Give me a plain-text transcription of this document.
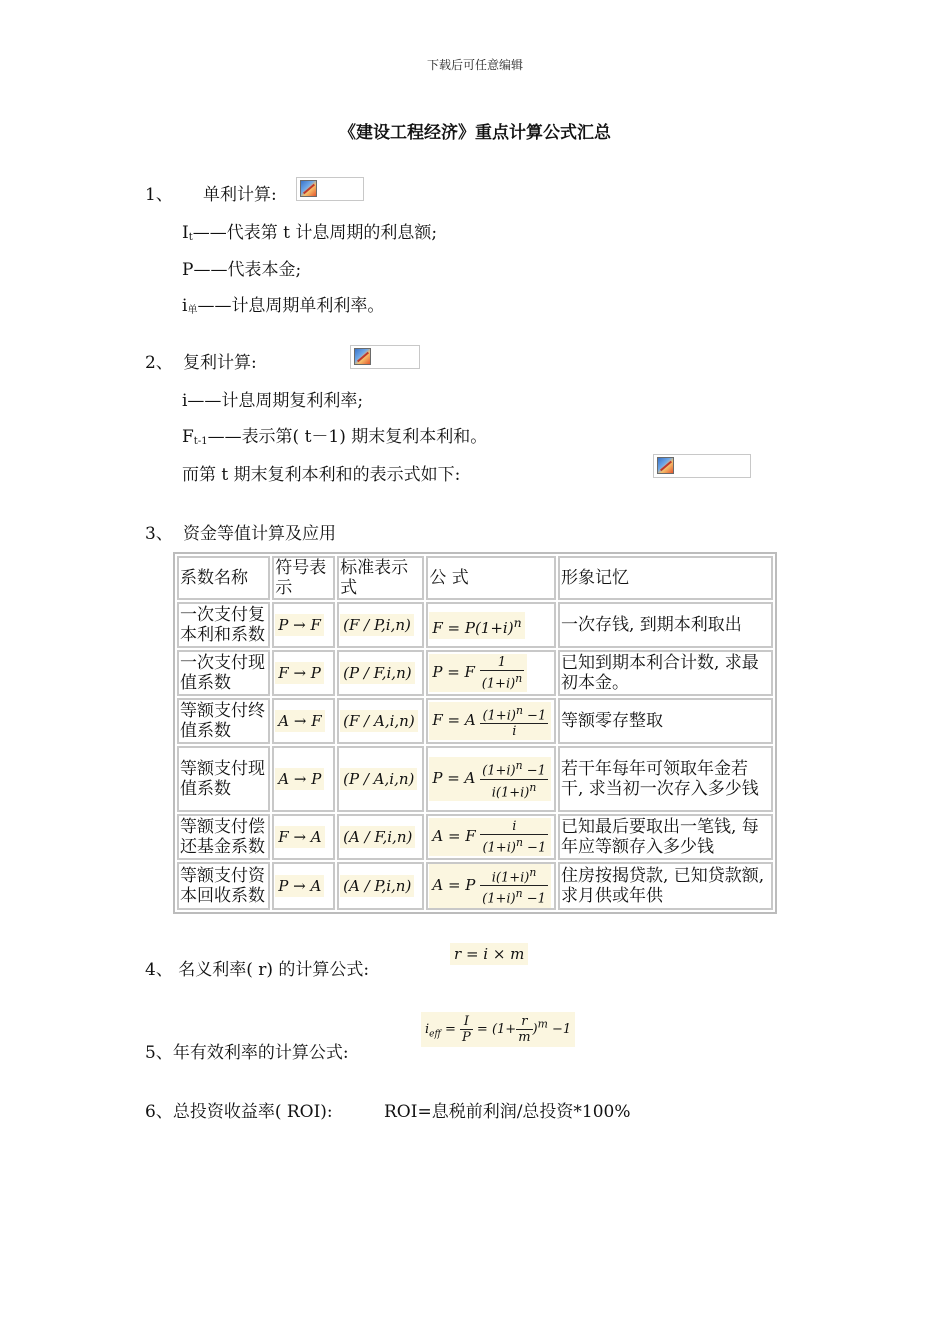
下载后可任意编辑
《建设工程经济》重点计算公式汇总
1、 单利计算:

$I_t——$代表第 t 计息周期的利息额;
P——代表本金;
$i_单——$计息周期单利利率。
2、 复利计算:

i——计息周期复利利率;
$F_{t-1}——$表示第( t－1) 期末复利本利和。
而第 t 期末复利本利和的表示式如下:
3、 资金等值计算及应用
系数名称	符号表示	标准表示式	公 式	形象记忆
一次支付复本利和系数	P → F	(F / P,i,n)	$F = P(1+i)^n$	一次存钱, 到期本利取出
一次支付现值系数	F → P	(P / F,i,n)	P = F $\frac{1}{(1+i)^n}$	已知到期本利合计数, 求最初本金。
等额支付终值系数	A → F	(F / A,i,n)	F = A $\frac{(1+i)^n -1}{i}$	等额零存整取
等额支付现值系数	A → P	(P / A,i,n)	P = A $\frac{(1+i)^n -1}{i(1+i)^n}$	若干年每年可领取年金若干, 求当初一次存入多少钱
等额支付偿还基金系数	F → A	(A / F,i,n)	A = F $\frac{i}{(1+i)^n -1}$	已知最后要取出一笔钱, 每年应等额存入多少钱
等额支付资本回收系数	P → A	(A / P,i,n)	A = P $\frac{i(1+i)^n}{(1+i)^n -1}$	住房按揭贷款, 已知贷款额, 求月供或年供
4、 名义利率( r) 的计算公式:
r = i × m
5、年有效利率的计算公式:
$i_{eff} = \frac{I}{P} = (1+ \frac{r}{m} )^m -1$
6、总投资收益率( ROI):	ROI=息税前利润/总投资*100%
